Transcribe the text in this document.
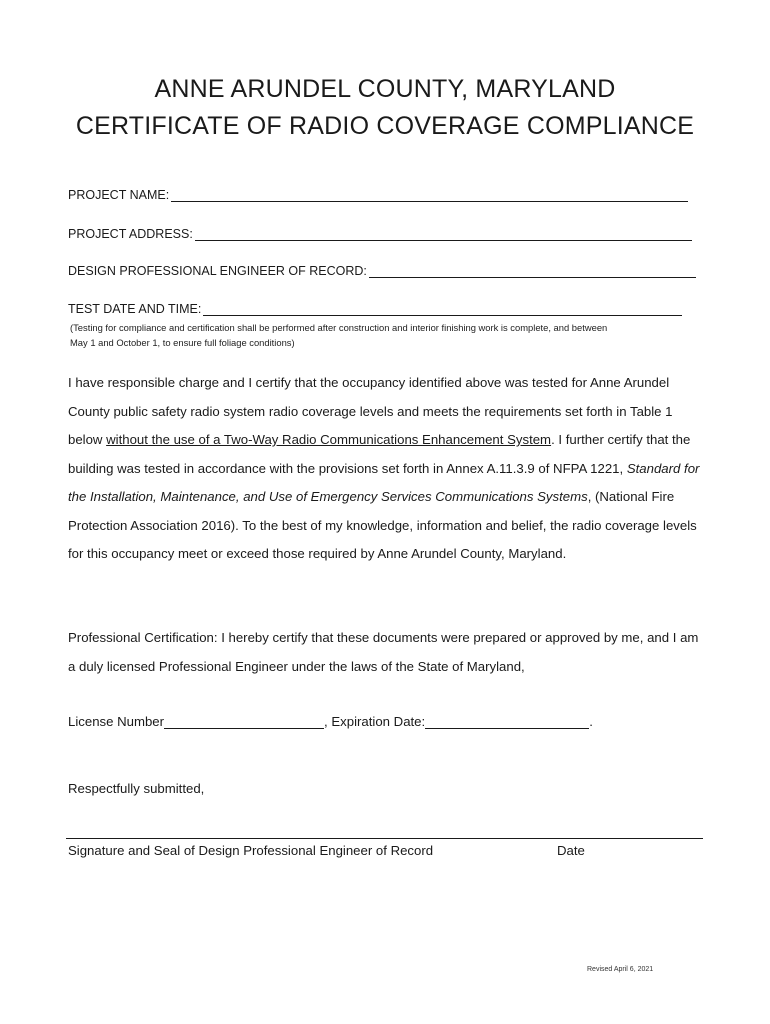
ANNE ARUNDEL COUNTY, MARYLAND
CERTIFICATE OF RADIO COVERAGE COMPLIANCE
PROJECT NAME:
PROJECT ADDRESS:
DESIGN PROFESSIONAL ENGINEER OF RECORD:
TEST DATE AND TIME:
(Testing for compliance and certification shall be performed after construction and interior finishing work is complete, and between
May 1 and October 1, to ensure full foliage conditions)

I have responsible charge and I certify that the occupancy identified above was tested for Anne Arundel County public safety radio system radio coverage levels and meets the requirements set forth in Table 1 below without the use of a Two-Way Radio Communications Enhancement System. I further certify that the building was tested in accordance with the provisions set forth in Annex A.11.3.9 of NFPA 1221, Standard for the Installation, Maintenance, and Use of Emergency Services Communications Systems, (National Fire Protection Association 2016). To the best of my knowledge, information and belief, the radio coverage levels for this occupancy meet or exceed those required by Anne Arundel County, Maryland.

Professional Certification: I hereby certify that these documents were prepared or approved by me, and I am a duly licensed Professional Engineer under the laws of the State of Maryland,

License Number	, Expiration Date:	.
Respectfully submitted,
Signature and Seal of Design Professional Engineer of Record	Date
Revised April 6, 2021
